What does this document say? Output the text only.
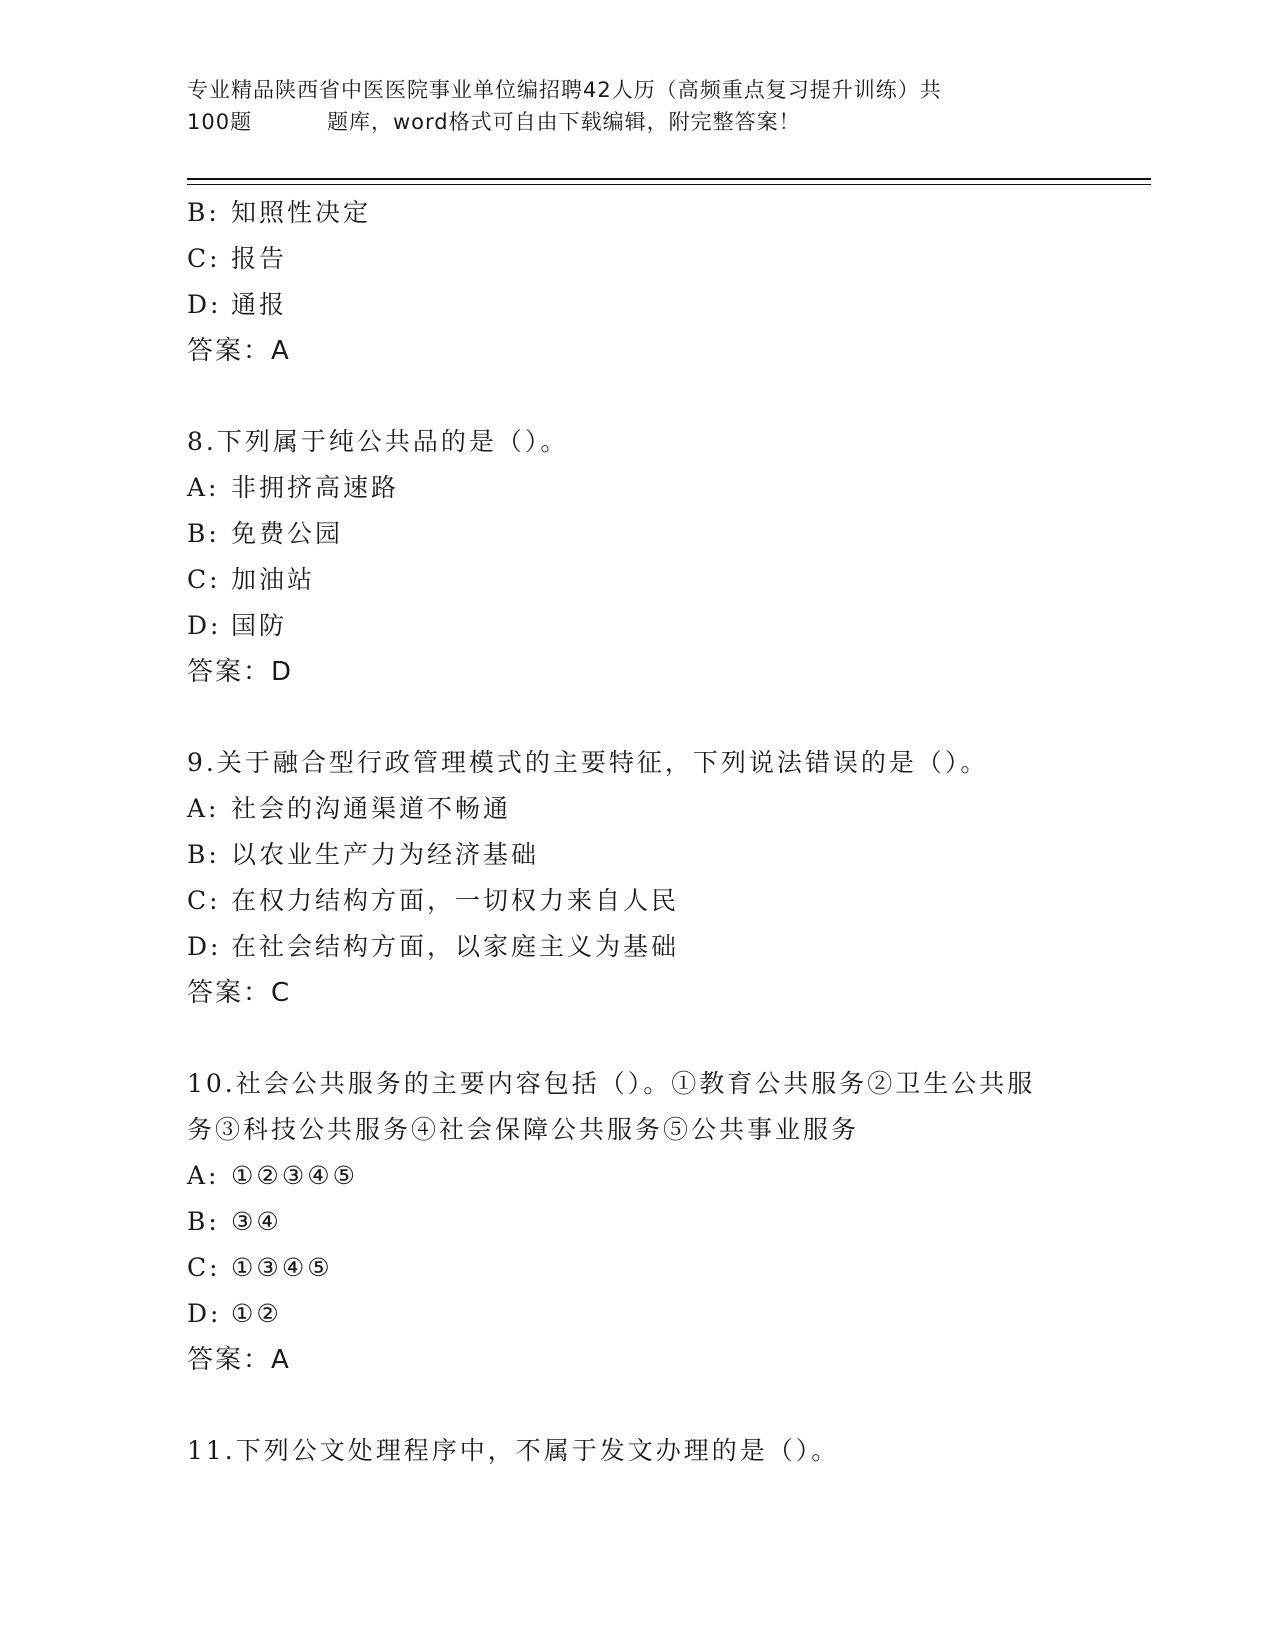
专业精品陕西省中医医院事业单位编招聘42人历（高频重点复习提升训练）共
100题	题库，word格式可自由下载编辑，附完整答案！
B: 知照性决定
C: 报告
D: 通报
答案：A
8.下列属于纯公共品的是（）。
A: 非拥挤高速路
B: 免费公园
C: 加油站
D: 国防
答案：D
9.关于融合型行政管理模式的主要特征，下列说法错误的是（）。
A: 社会的沟通渠道不畅通
B: 以农业生产力为经济基础
C: 在权力结构方面，一切权力来自人民
D: 在社会结构方面，以家庭主义为基础
答案：C
10.社会公共服务的主要内容包括（）。①教育公共服务②卫生公共服
务③科技公共服务④社会保障公共服务⑤公共事业服务
A: ①②③④⑤
B: ③④
C: ①③④⑤
D: ①②
答案：A
11.下列公文处理程序中，不属于发文办理的是（）。
